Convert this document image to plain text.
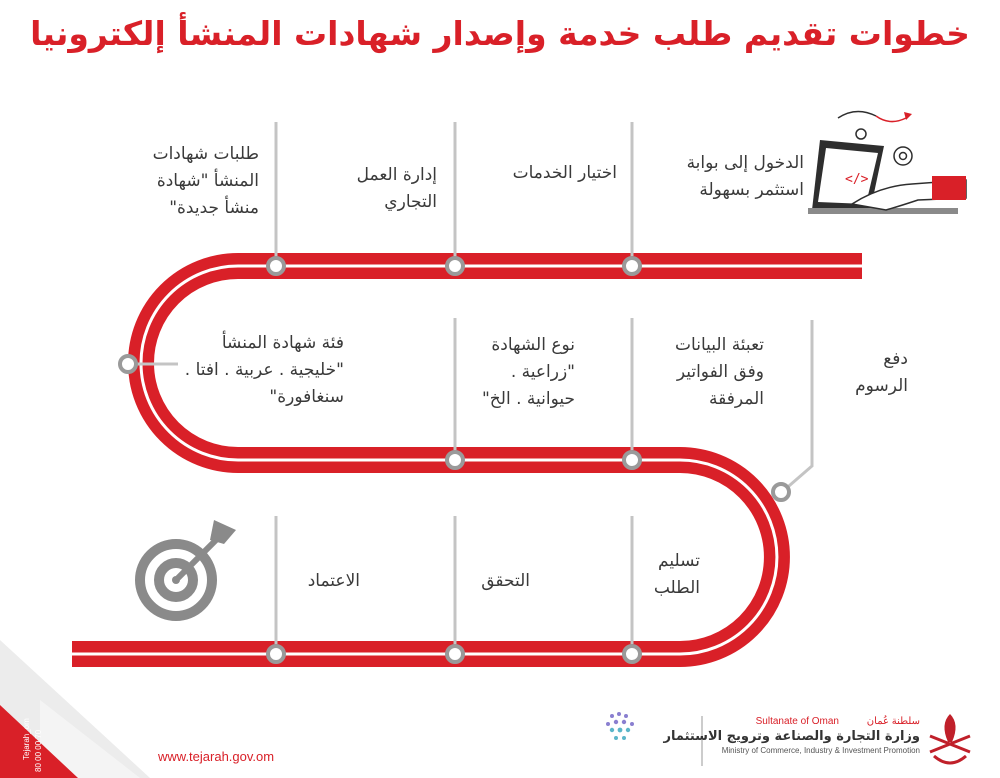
خطوات تقديم طلب خدمة وإصدار شهادات المنشأ إلكترونيا
</>
الدخول إلى بوابة
استثمر بسهولة
اختيار الخدمات
إدارة العمل
التجاري
طلبات شهادات
المنشأ "شهادة
منشأ جديدة"
تعبئة البيانات
وفق الفواتير
المرفقة
نوع الشهادة
"زراعية .
حيوانية . الخ"
فئة شهادة المنشأ
"خليجية . عربية . افتا .
سنغافورة"
دفع
الرسوم
تسليم
الطلب
التحقق
الاعتماد
www.tejarah.gov.om
Tejarah_om 80 00 00 70
Sultanate of Oman	سلطنة عُمان
وزارة التجارة والصناعة وترويج الاستثمار
Ministry of Commerce, Industry & Investment Promotion
